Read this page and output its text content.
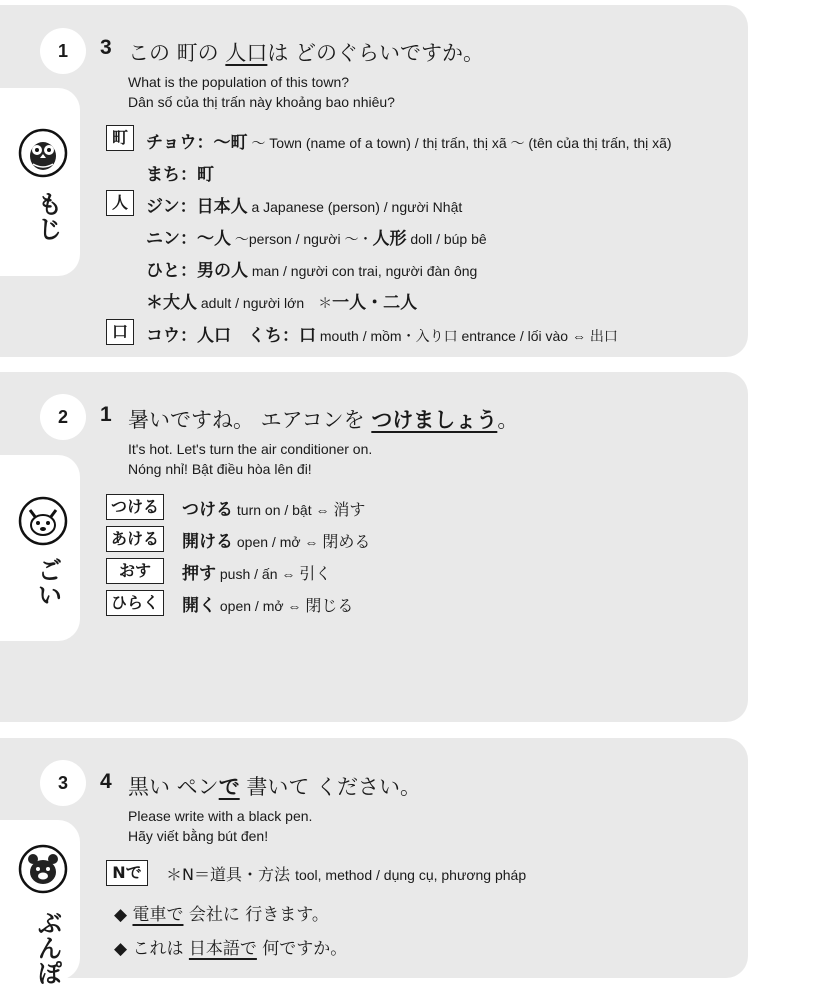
1
もじ
3 この 町の 人口は どのぐらいですか。
What is the population of this town?
Dân số của thị trấn này khoảng bao nhiêu?
町	チョウ：～町 ～ Town (name of a town) / thị trấn, thị xã ～ (tên của thị trấn, thị xã)
まち：町
人	ジン：日本人 a Japanese (person) / người Nhật
ニン：～人 ～person / người ～・人形 doll / búp bê
ひと：男の人 man / người con trai, người đàn ông
＊大人 adult / người lớn　＊一人・二人
口	コウ：人口　くち：口 mouth / mồm・入り口 entrance / lối vào ⇔ 出口
2
ごい
1 暑いですね。 エアコンを つけましょう。
It's hot. Let's turn the air conditioner on.
Nóng nhỉ! Bật điều hòa lên đi!
つける つける turn on / bật ⇔ 消す
あける 開ける open / mở ⇔ 閉める
おす	押す push / ấn ⇔ 引く
ひらく 開く open / mở ⇔ 閉じる
3
ぶんぽ
4 黒い ペンで 書いて ください。
Please write with a black pen.
Hãy viết bằng bút đen!
Nで	＊N＝道具・方法 tool, method / dụng cụ, phương pháp
◆ 電車で 会社に 行きます。
◆ これは 日本語で 何ですか。
